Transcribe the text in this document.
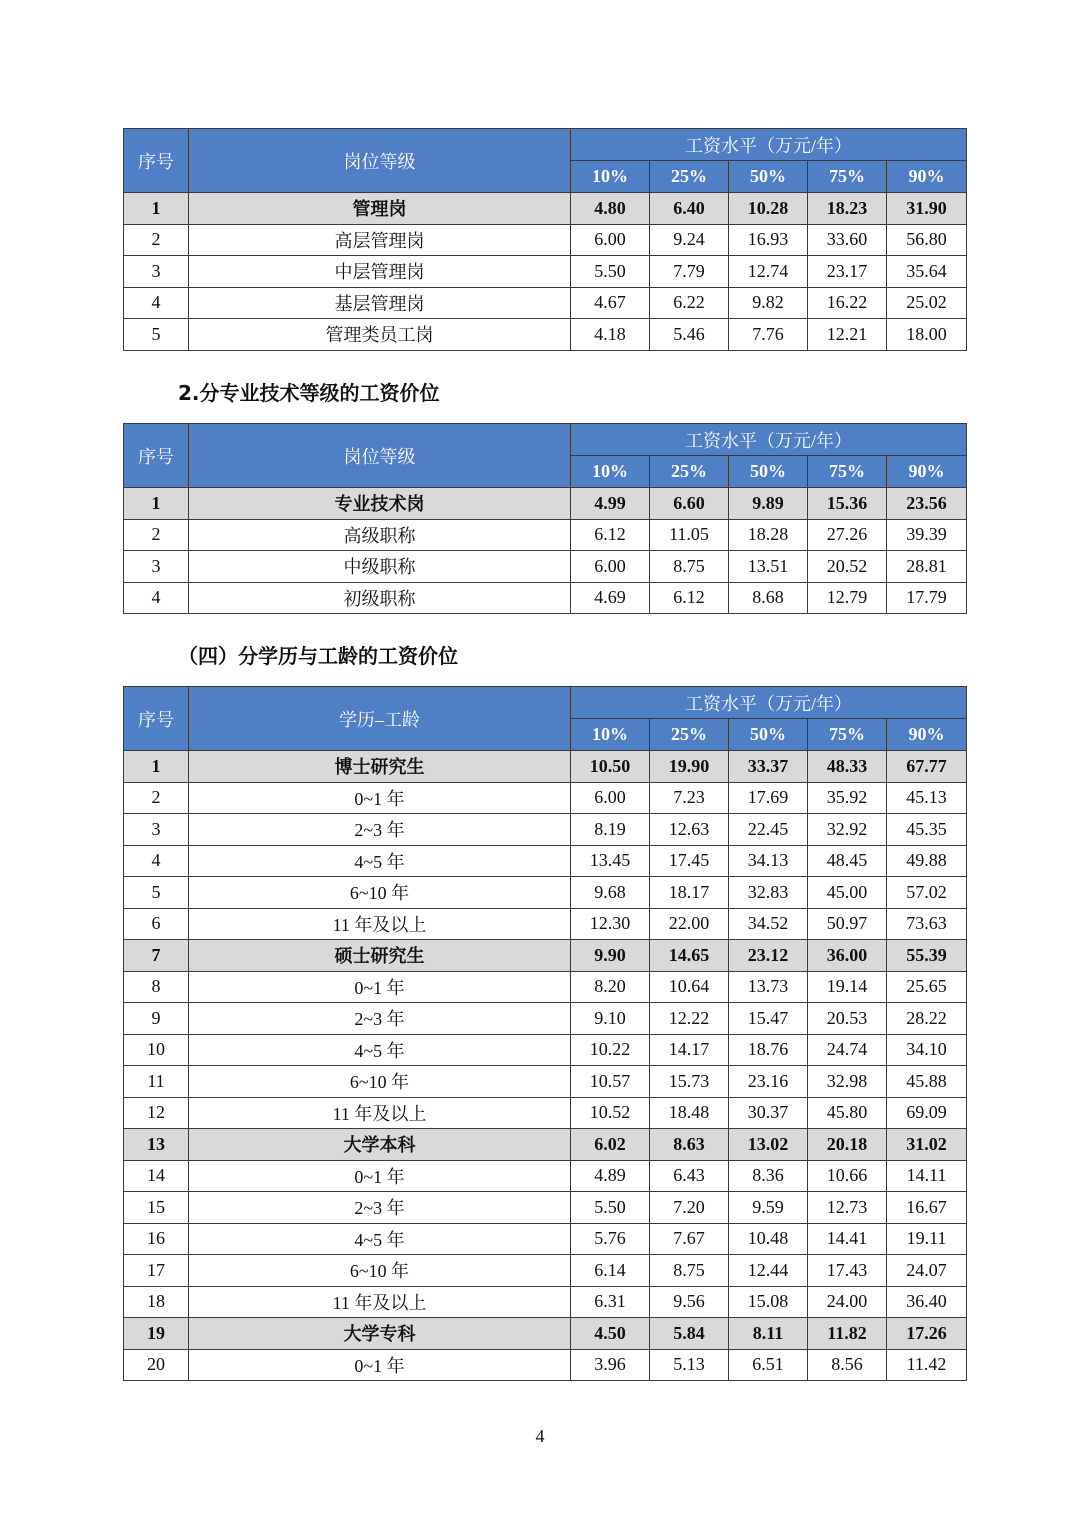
序号	岗位等级	工资水平（万元/年）				
		10%	25%	50%	75%	90%
1	管理岗	4.80	6.40	10.28	18.23	31.90
2	高层管理岗	6.00	9.24	16.93	33.60	56.80
3	中层管理岗	5.50	7.79	12.74	23.17	35.64
4	基层管理岗	4.67	6.22	9.82	16.22	25.02
5	管理类员工岗	4.18	5.46	7.76	12.21	18.00
2.分专业技术等级的工资价位
序号	岗位等级	工资水平（万元/年）				
		10%	25%	50%	75%	90%
1	专业技术岗	4.99	6.60	9.89	15.36	23.56
2	高级职称	6.12	11.05	18.28	27.26	39.39
3	中级职称	6.00	8.75	13.51	20.52	28.81
4	初级职称	4.69	6.12	8.68	12.79	17.79
（四）分学历与工龄的工资价位
序号	学历–工龄	工资水平（万元/年）				
		10%	25%	50%	75%	90%
1	博士研究生	10.50	19.90	33.37	48.33	67.77
2	0~1 年	6.00	7.23	17.69	35.92	45.13
3	2~3 年	8.19	12.63	22.45	32.92	45.35
4	4~5 年	13.45	17.45	34.13	48.45	49.88
5	6~10 年	9.68	18.17	32.83	45.00	57.02
6	11 年及以上	12.30	22.00	34.52	50.97	73.63
7	硕士研究生	9.90	14.65	23.12	36.00	55.39
8	0~1 年	8.20	10.64	13.73	19.14	25.65
9	2~3 年	9.10	12.22	15.47	20.53	28.22
10	4~5 年	10.22	14.17	18.76	24.74	34.10
11	6~10 年	10.57	15.73	23.16	32.98	45.88
12	11 年及以上	10.52	18.48	30.37	45.80	69.09
13	大学本科	6.02	8.63	13.02	20.18	31.02
14	0~1 年	4.89	6.43	8.36	10.66	14.11
15	2~3 年	5.50	7.20	9.59	12.73	16.67
16	4~5 年	5.76	7.67	10.48	14.41	19.11
17	6~10 年	6.14	8.75	12.44	17.43	24.07
18	11 年及以上	6.31	9.56	15.08	24.00	36.40
19	大学专科	4.50	5.84	8.11	11.82	17.26
20	0~1 年	3.96	5.13	6.51	8.56	11.42
4
